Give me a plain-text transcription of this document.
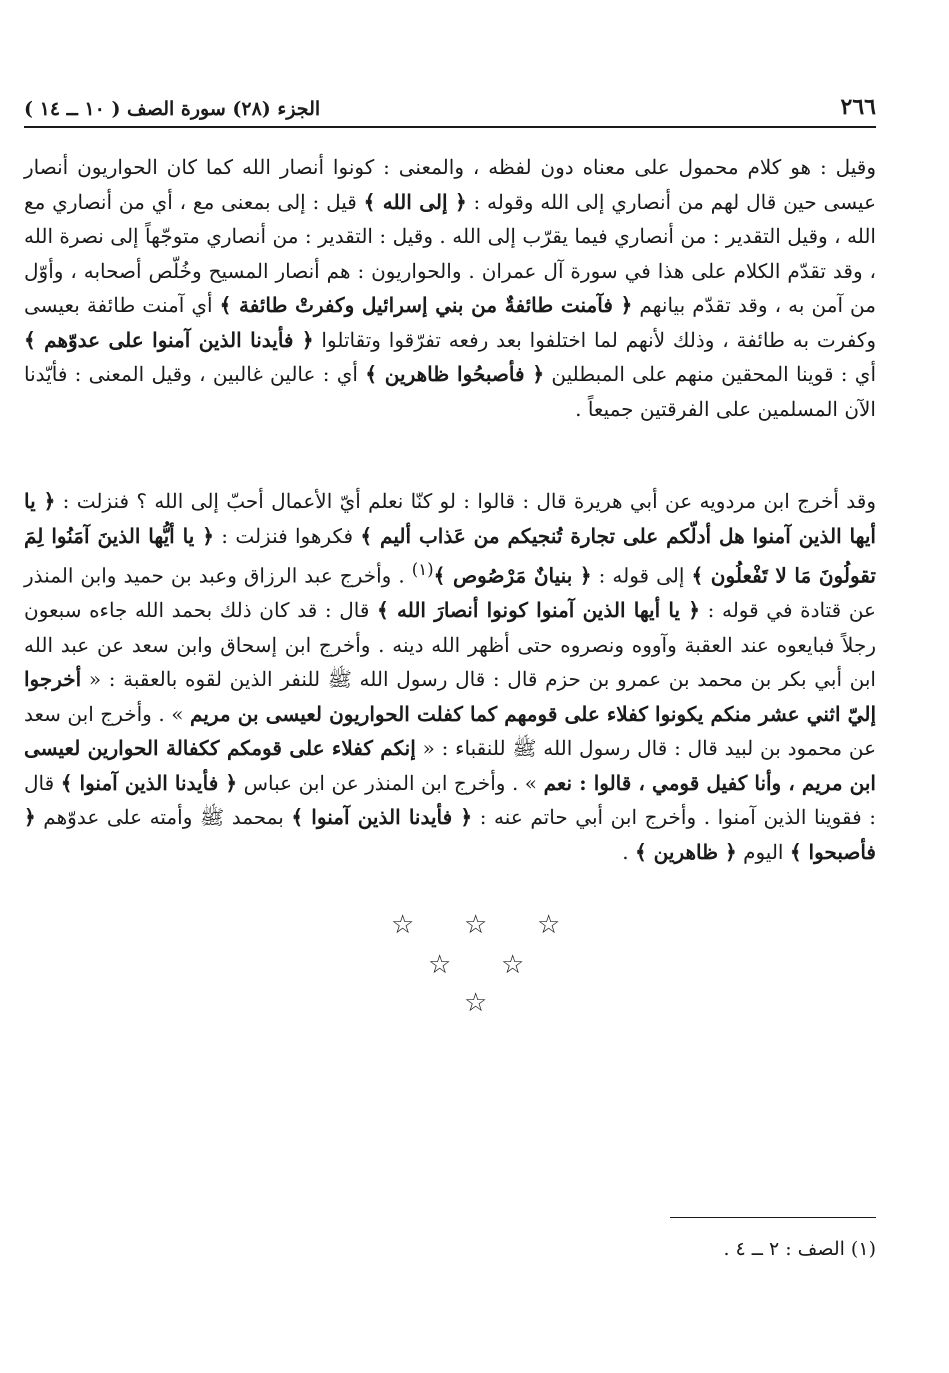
الجزء (٢٨) سورة الصف ( ١٠ ــ ١٤ )	٢٦٦

وقيل : هو كلام محمول على معناه دون لفظه ، والمعنى : كونوا أنصار الله كما كان الحواريون أنصار عيسى حين قال لهم من أنصاري إلى الله وقوله : ﴿ إلى الله ﴾ قيل : إلى بمعنى مع ، أي من أنصاري مع الله ، وقيل التقدير : من أنصاري فيما يقرّب إلى الله . وقيل : التقدير : من أنصاري متوجّهاً إلى نصرة الله ، وقد تقدّم الكلام على هذا في سورة آل عمران . والحواريون : هم أنصار المسيح وخُلّص أصحابه ، وأوّل من آمن به ، وقد تقدّم بيانهم ﴿ فآمنت طائفةٌ من بني إسرائيل وكفرتْ طائفة ﴾ أي آمنت طائفة بعيسى وكفرت به طائفة ، وذلك لأنهم لما اختلفوا بعد رفعه تفرّقوا وتقاتلوا ﴿ فأيدنا الذين آمنوا على عدوّهم ﴾ أي : قوينا المحقين منهم على المبطلين ﴿ فأصبحُوا ظاهرين ﴾ أي : عالين غالبين ، وقيل المعنى : فأيّدنا الآن المسلمين على الفرقتين جميعاً .

وقد أخرج ابن مردويه عن أبي هريرة قال : قالوا : لو كنّا نعلم أيّ الأعمال أحبّ إلى الله ؟ فنزلت : ﴿ يا أيها الذين آمنوا هل أدلّكم على تجارة تُنجيكم من عَذاب أليم ﴾ فكرهوا فنزلت : ﴿ يا أيُّها الذينَ آمَنُوا لِمَ تقولُونَ مَا لا تَفْعلُون ﴾ إلى قوله : ﴿ بنيانٌ مَرْصُوص ﴾$^{(١)}$ . وأخرج عبد الرزاق وعبد بن حميد وابن المنذر عن قتادة في قوله : ﴿ يا أيها الذين آمنوا كونوا أنصارَ الله ﴾ قال : قد كان ذلك بحمد الله جاءه سبعون رجلاً فبايعوه عند العقبة وآووه ونصروه حتى أظهر الله دينه . وأخرج ابن إسحاق وابن سعد عن عبد الله ابن أبي بكر بن محمد بن عمرو بن حزم قال : قال رسول الله ﷺ للنفر الذين لقوه بالعقبة : « أخرجوا إليّ اثني عشر منكم يكونوا كفلاء على قومهم كما كفلت الحواريون لعيسى بن مريم » . وأخرج ابن سعد عن محمود بن لبيد قال : قال رسول الله ﷺ للنقباء : « إنكم كفلاء على قومكم ككفالة الحوارين لعيسى ابن مريم ، وأنا كفيل قومي ، قالوا : نعم » . وأخرج ابن المنذر عن ابن عباس ﴿ فأيدنا الذين آمنوا ﴾ قال : فقوينا الذين آمنوا . وأخرج ابن أبي حاتم عنه : ﴿ فأيدنا الذين آمنوا ﴾ بمحمد ﷺ وأمته على عدوّهم ﴿ فأصبحوا ﴾ اليوم ﴿ ظاهرين ﴾ .

☆ ☆ ☆
☆ ☆
☆
(١) الصف : ٢ ــ ٤ .
